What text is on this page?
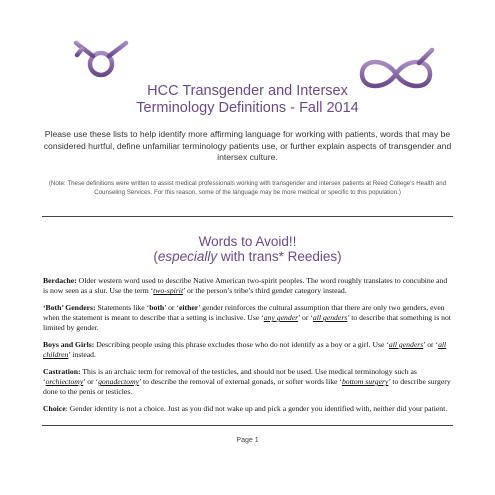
HCC Transgender and Intersex
Terminology Definitions - Fall 2014
Please use these lists to help identify more affirming language for working with patients, words that may be considered hurtful, define unfamiliar terminology patients use, or further explain aspects of transgender and intersex culture.
(Note: These definitions were written to assist medical professionals working with transgender and intersex patients at Reed College's Health and Counseling Services. For this reason, some of the language may be more medical or specific to this population.)
Words to Avoid!!
(especially with trans* Reedies)

Berdache: Older western word used to describe Native American two-spirit peoples. The word roughly translates to concubine and is now seen as a slur. Use the term ‘two-spirit’ or the person’s tribe’s third gender category instead.

‘Both’ Genders: Statements like ‘both’ or ‘either’ gender reinforces the cultural assumption that there are only two genders, even when the statement is meant to describe that a setting is inclusive. Use ‘any gender’ or ‘all genders’ to describe that something is not limited by gender.

Boys and Girls: Describing people using this phrase excludes those who do not identify as a boy or a girl. Use ‘all genders’ or ‘all children’ instead.

Castration: This is an archaic term for removal of the testicles, and should not be used. Use medical terminology such as ‘orchiectomy’ or ‘gonadectomy’ to describe the removal of external gonads, or softer words like ‘bottom surgery’ to describe surgery done to the penis or testicles.

Choice: Gender identity is not a choice. Just as you did not wake up and pick a gender you identified with, neither did your patient.

Page 1
